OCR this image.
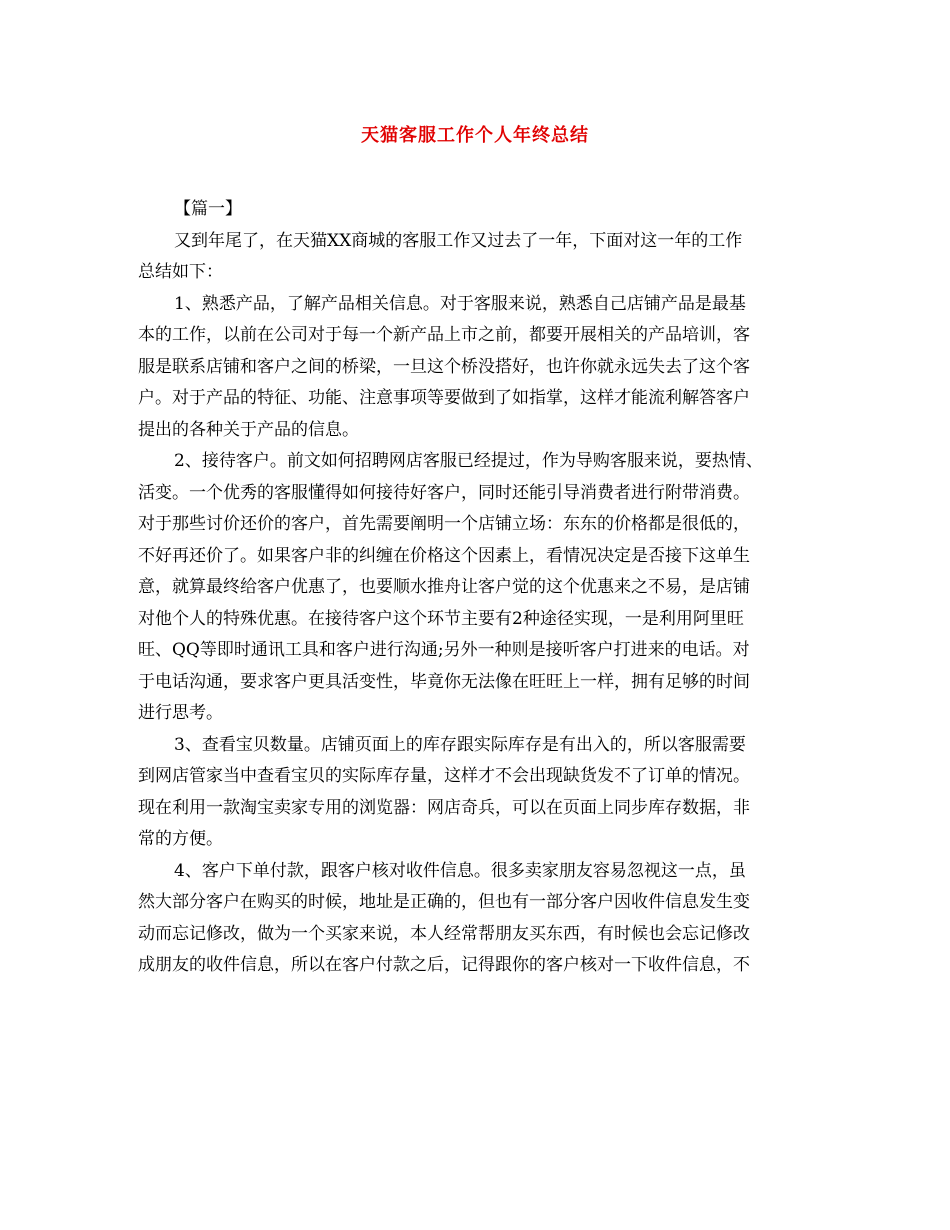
天猫客服工作个人年终总结
【篇一】
又到年尾了，在天猫XX商城的客服工作又过去了一年，下面对这一年的工作
总结如下：
1、熟悉产品，了解产品相关信息。对于客服来说，熟悉自己店铺产品是最基
本的工作，以前在公司对于每一个新产品上市之前，都要开展相关的产品培训，客
服是联系店铺和客户之间的桥梁，一旦这个桥没搭好，也许你就永远失去了这个客
户。对于产品的特征、功能、注意事项等要做到了如指掌，这样才能流利解答客户
提出的各种关于产品的信息。
2、接待客户。前文如何招聘网店客服已经提过，作为导购客服来说，要热情、
活变。一个优秀的客服懂得如何接待好客户，同时还能引导消费者进行附带消费。
对于那些讨价还价的客户，首先需要阐明一个店铺立场：东东的价格都是很低的，
不好再还价了。如果客户非的纠缠在价格这个因素上，看情况决定是否接下这单生
意，就算最终给客户优惠了，也要顺水推舟让客户觉的这个优惠来之不易，是店铺
对他个人的特殊优惠。在接待客户这个环节主要有2种途径实现，一是利用阿里旺
旺、QQ等即时通讯工具和客户进行沟通;另外一种则是接听客户打进来的电话。对
于电话沟通，要求客户更具活变性，毕竟你无法像在旺旺上一样，拥有足够的时间
进行思考。
3、查看宝贝数量。店铺页面上的库存跟实际库存是有出入的，所以客服需要
到网店管家当中查看宝贝的实际库存量，这样才不会出现缺货发不了订单的情况。
现在利用一款淘宝卖家专用的浏览器：网店奇兵，可以在页面上同步库存数据，非
常的方便。
4、客户下单付款，跟客户核对收件信息。很多卖家朋友容易忽视这一点，虽
然大部分客户在购买的时候，地址是正确的，但也有一部分客户因收件信息发生变
动而忘记修改，做为一个买家来说，本人经常帮朋友买东西，有时候也会忘记修改
成朋友的收件信息，所以在客户付款之后，记得跟你的客户核对一下收件信息，不
